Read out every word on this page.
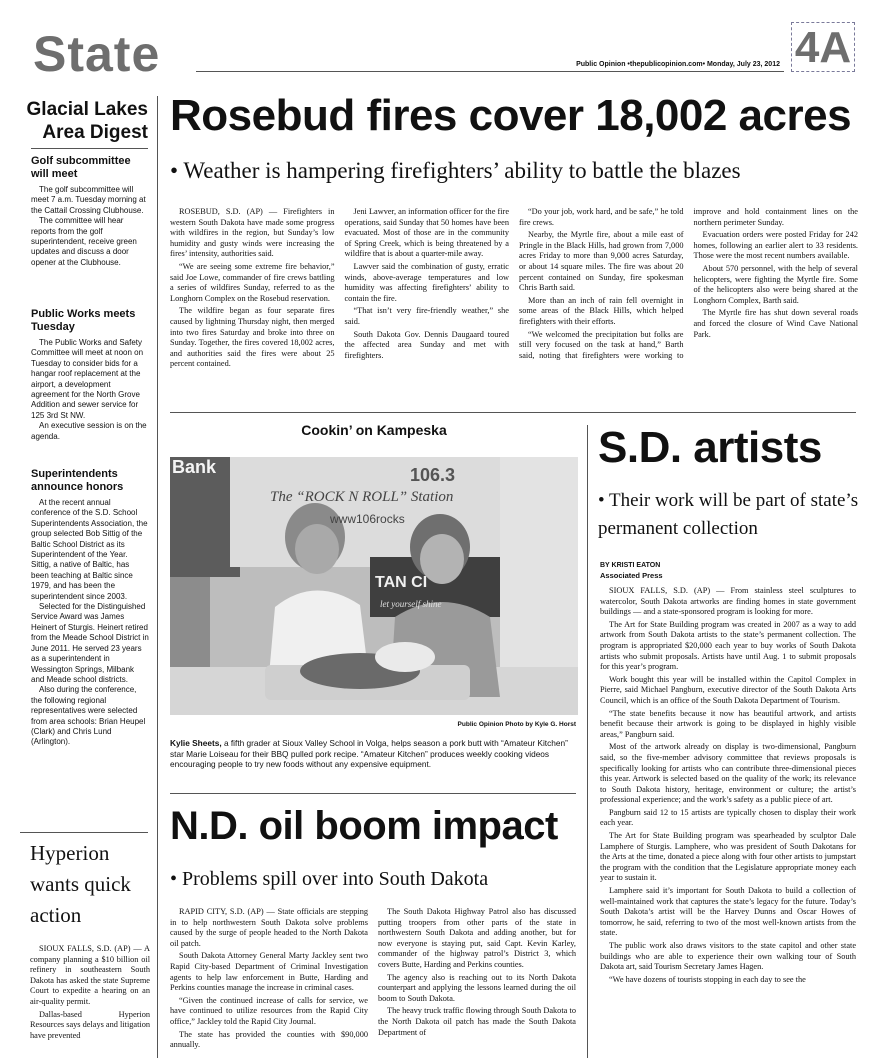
State	Public Opinion •thepublicopinion.com• Monday, July 23, 2012 4A
Glacial Lakes Area Digest
Golf subcommittee will meet

The golf subcommittee will meet 7 a.m. Tuesday morning at the Cattail Crossing Clubhouse.

The committee will hear reports from the golf superintendent, receive green updates and discuss a door opener at the Clubhouse.

Public Works meets Tuesday

The Public Works and Safety Committee will meet at noon on Tuesday to consider bids for a hangar roof replacement at the airport, a development agreement for the North Grove Addition and sewer service for 125 3rd St NW.

An executive session is on the agenda.

Superintendents announce honors

At the recent annual conference of the S.D. School Superintendents Association, the group selected Bob Sittig of the Baltic School District as its Superintendent of the Year. Sittig, a native of Baltic, has been teaching at Baltic since 1979, and has been the superintendent since 2003.

Selected for the Distinguished Service Award was James Heinert of Sturgis. Heinert retired from the Meade School District in June 2011. He served 23 years as a superintendent in Wessington Springs, Milbank and Meade school districts.

Also during the conference, the following regional representatives were selected from area schools: Brian Heupel (Clark) and Chris Lund (Arlington).

Hyperion wants quick action

SIOUX FALLS, S.D. (AP) — A company planning a $10 billion oil refinery in southeastern South Dakota has asked the state Supreme Court to expedite a hearing on an air-quality permit.

Dallas-based Hyperion Resources says delays and litigation have prevented

Rosebud fires cover 18,002 acres
• Weather is hampering firefighters’ ability to battle the blazes

ROSEBUD, S.D. (AP) — Firefighters in western South Dakota have made some progress with wildfires in the region, but Sunday’s low humidity and gusty winds were increasing the fires’ intensity, authorities said.

“We are seeing some extreme fire behavior,” said Joe Lowe, commander of fire crews battling a series of wildfires Sunday, referred to as the Longhorn Complex on the Rosebud reservation.

The wildfire began as four separate fires caused by lightning Thursday night, then merged into two fires Saturday and broke into three on Sunday. Together, the fires covered 18,002 acres, and authorities said the fires were about 25 percent contained.

Jeni Lawver, an information officer for the fire operations, said Sunday that 50 homes have been evacuated. Most of those are in the community of Spring Creek, which is being threatened by a wildfire that is about a quarter-mile away.

Lawver said the combination of gusty, erratic winds, above-average temperatures and low humidity was affecting firefighters’ ability to contain the fire.

“That isn’t very fire-friendly weather,” she said.

South Dakota Gov. Dennis Daugaard toured the affected area Sunday and met with firefighters.

“Do your job, work hard, and be safe,” he told fire crews.

Nearby, the Myrtle fire, about a mile east of Pringle in the Black Hills, had grown from 7,000 acres Friday to more than 9,000 acres Saturday, or about 14 square miles. The fire was about 20 percent contained on Sunday, fire spokesman Chris Barth said.

More than an inch of rain fell overnight in some areas of the Black Hills, which helped firefighters with their efforts.

“We welcomed the precipitation but folks are still very focused on the task at hand,” Barth said, noting that firefighters were working to improve and hold containment lines on the northern perimeter Sunday.

Evacuation orders were posted Friday for 242 homes, following an earlier alert to 33 residents. Those were the most recent numbers available.

About 570 personnel, with the help of several helicopters, were fighting the Myrtle fire. Some of the helicopters also were being shared at the Longhorn Complex, Barth said.

The Myrtle fire has shut down several roads and forced the closure of Wind Cave National Park.

Cookin’ on Kampeska
Bank	106.3
The “ROCK N ROLL” Station
www106rocks
TAN CI
let yourself shine
Public Opinion Photo by Kyle G. Horst
Kylie Sheets, a fifth grader at Sioux Valley School in Volga, helps season a pork butt with “Amateur Kitchen” star Marie Loiseau for their BBQ pulled pork recipe. “Amateur Kitchen” produces weekly cooking videos encouraging people to try new foods without any expensive equipment.
N.D. oil boom impact
• Problems spill over into South Dakota

RAPID CITY, S.D. (AP) — State officials are stepping in to help northwestern South Dakota solve problems caused by the surge of people headed to the North Dakota oil patch.

South Dakota Attorney General Marty Jackley sent two Rapid City-based Department of Criminal Investigation agents to help law enforcement in Butte, Harding and Perkins counties manage the increase in criminal cases.

“Given the continued increase of calls for service, we have continued to utilize resources from the Rapid City office,” Jackley told the Rapid City Journal.

The state has provided the counties with $90,000 annually.

The South Dakota Highway Patrol also has discussed putting troopers from other parts of the state in northwestern South Dakota and adding another, but for now everyone is staying put, said Capt. Kevin Karley, commander of the highway patrol’s District 3, which covers Butte, Harding and Perkins counties.

The agency also is reaching out to its North Dakota counterpart and applying the lessons learned during the oil boom to South Dakota.

The heavy truck traffic flowing through South Dakota to the North Dakota oil patch has made the South Dakota Department of

S.D. artists
• Their work will be part of state’s permanent collection
BY KRISTI EATON
Associated Press

SIOUX FALLS, S.D. (AP) — From stainless steel sculptures to watercolor, South Dakota artworks are finding homes in state government buildings — and a state-sponsored program is looking for more.

The Art for State Building program was created in 2007 as a way to add artwork from South Dakota artists to the state’s permanent collection. The program is appropriated $20,000 each year to buy works of South Dakota artists who submit proposals. Artists have until Aug. 1 to submit proposals for this year’s program.

Work bought this year will be installed within the Capitol Complex in Pierre, said Michael Pangburn, executive director of the South Dakota Arts Council, which is an office of the South Dakota Department of Tourism.

“The state benefits because it now has beautiful artwork, and artists benefit because their artwork is going to be displayed in highly visible areas,” Pangburn said.

Most of the artwork already on display is two-dimensional, Pangburn said, so the five-member advisory committee that reviews proposals is specifically looking for artists who can contribute three-dimensional pieces this year. Artwork is selected based on the quality of the work; its relevance to South Dakota history, heritage, environment or culture; the artist’s professional experience; and the work’s safety as a public piece of art.

Pangburn said 12 to 15 artists are typically chosen to display their work each year.

The Art for State Building program was spearheaded by sculptor Dale Lamphere of Sturgis. Lamphere, who was president of South Dakotans for the Arts at the time, donated a piece along with four other artists to jumpstart the program with the condition that the Legislature appropriate money each year to sustain it.

Lamphere said it’s important for South Dakota to build a collection of well-maintained work that captures the state’s legacy for the future. Today’s South Dakota’s artist will be the Harvey Dunns and Oscar Howes of tomorrow, he said, referring to two of the most well-known artists from the state.

The public work also draws visitors to the state capitol and other state buildings who are able to experience their own walking tour of South Dakota art, said Tourism Secretary James Hagen.

“We have dozens of tourists stopping in each day to see the
